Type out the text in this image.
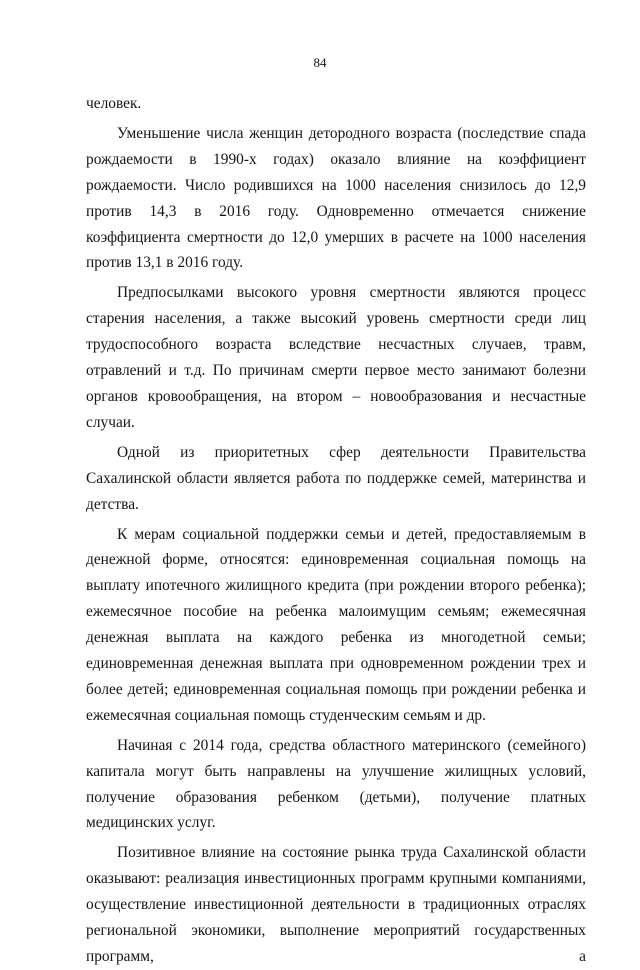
84

человек.

Уменьшение числа женщин детородного возраста (последствие спада рождаемости в 1990-х годах) оказало влияние на коэффициент рождаемости. Число родившихся на 1000 населения снизилось до 12,9 против 14,3 в 2016 году. Одновременно отмечается снижение коэффициента смертности до 12,0 умерших в расчете на 1000 населения против 13,1 в 2016 году.

Предпосылками высокого уровня смертности являются процесс старения населения, а также высокий уровень смертности среди лиц трудоспособного возраста вследствие несчастных случаев, травм, отравлений и т.д. По причинам смерти первое место занимают болезни органов кровообращения, на втором – новообразования и несчастные случаи.

Одной из приоритетных сфер деятельности Правительства Сахалинской области является работа по поддержке семей, материнства и детства.

К мерам социальной поддержки семьи и детей, предоставляемым в денежной форме, относятся: единовременная социальная помощь на выплату ипотечного жилищного кредита (при рождении второго ребенка); ежемесячное пособие на ребенка малоимущим семьям; ежемесячная денежная выплата на каждого ребенка из многодетной семьи; единовременная денежная выплата при одновременном рождении трех и более детей; единовременная социальная помощь при рождении ребенка и ежемесячная социальная помощь студенческим семьям и др.

Начиная с 2014 года, средства областного материнского (семейного) капитала могут быть направлены на улучшение жилищных условий, получение образования ребенком (детьми), получение платных медицинских услуг.

Позитивное влияние на состояние рынка труда Сахалинской области оказывают: реализация инвестиционных программ крупными компаниями, осуществление инвестиционной деятельности в традиционных отраслях региональной экономики, выполнение мероприятий государственных программ, а
